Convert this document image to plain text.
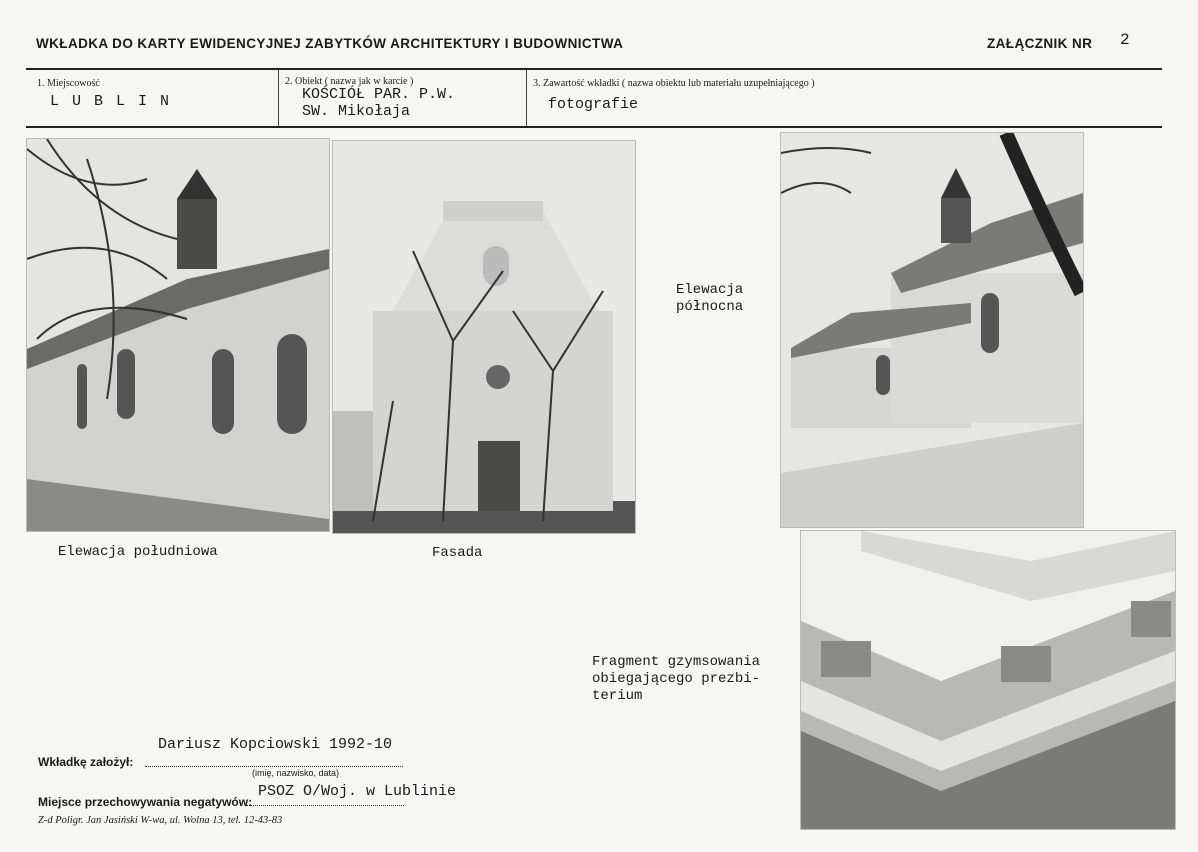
WKŁADKA DO KARTY EWIDENCYJNEJ ZABYTKÓW ARCHITEKTURY I BUDOWNICTWA	ZAŁĄCZNIK NR 2
1. Miejscowość
L U B L I N
2. Obiekt ( nazwa jak w karcie )
KOŚCIÓŁ PAR. P.W.
SW. Mikołaja
3. Zawartość wkładki ( nazwa obiektu lub materiału uzupełniającego )
fotografie
Elewacja południowa	Fasada
Elewacja
północna
Fragment gzymsowania
obiegającego prezbi-
terium
Dariusz Kopciowski 1992-10
Wkładkę założył:
(imię, nazwisko, data)
PSOZ O/Woj. w Lublinie
Miejsce przechowywania negatywów:
Z-d Poligr. Jan Jasiński W-wa, ul. Wolna 13, tel. 12-43-83
